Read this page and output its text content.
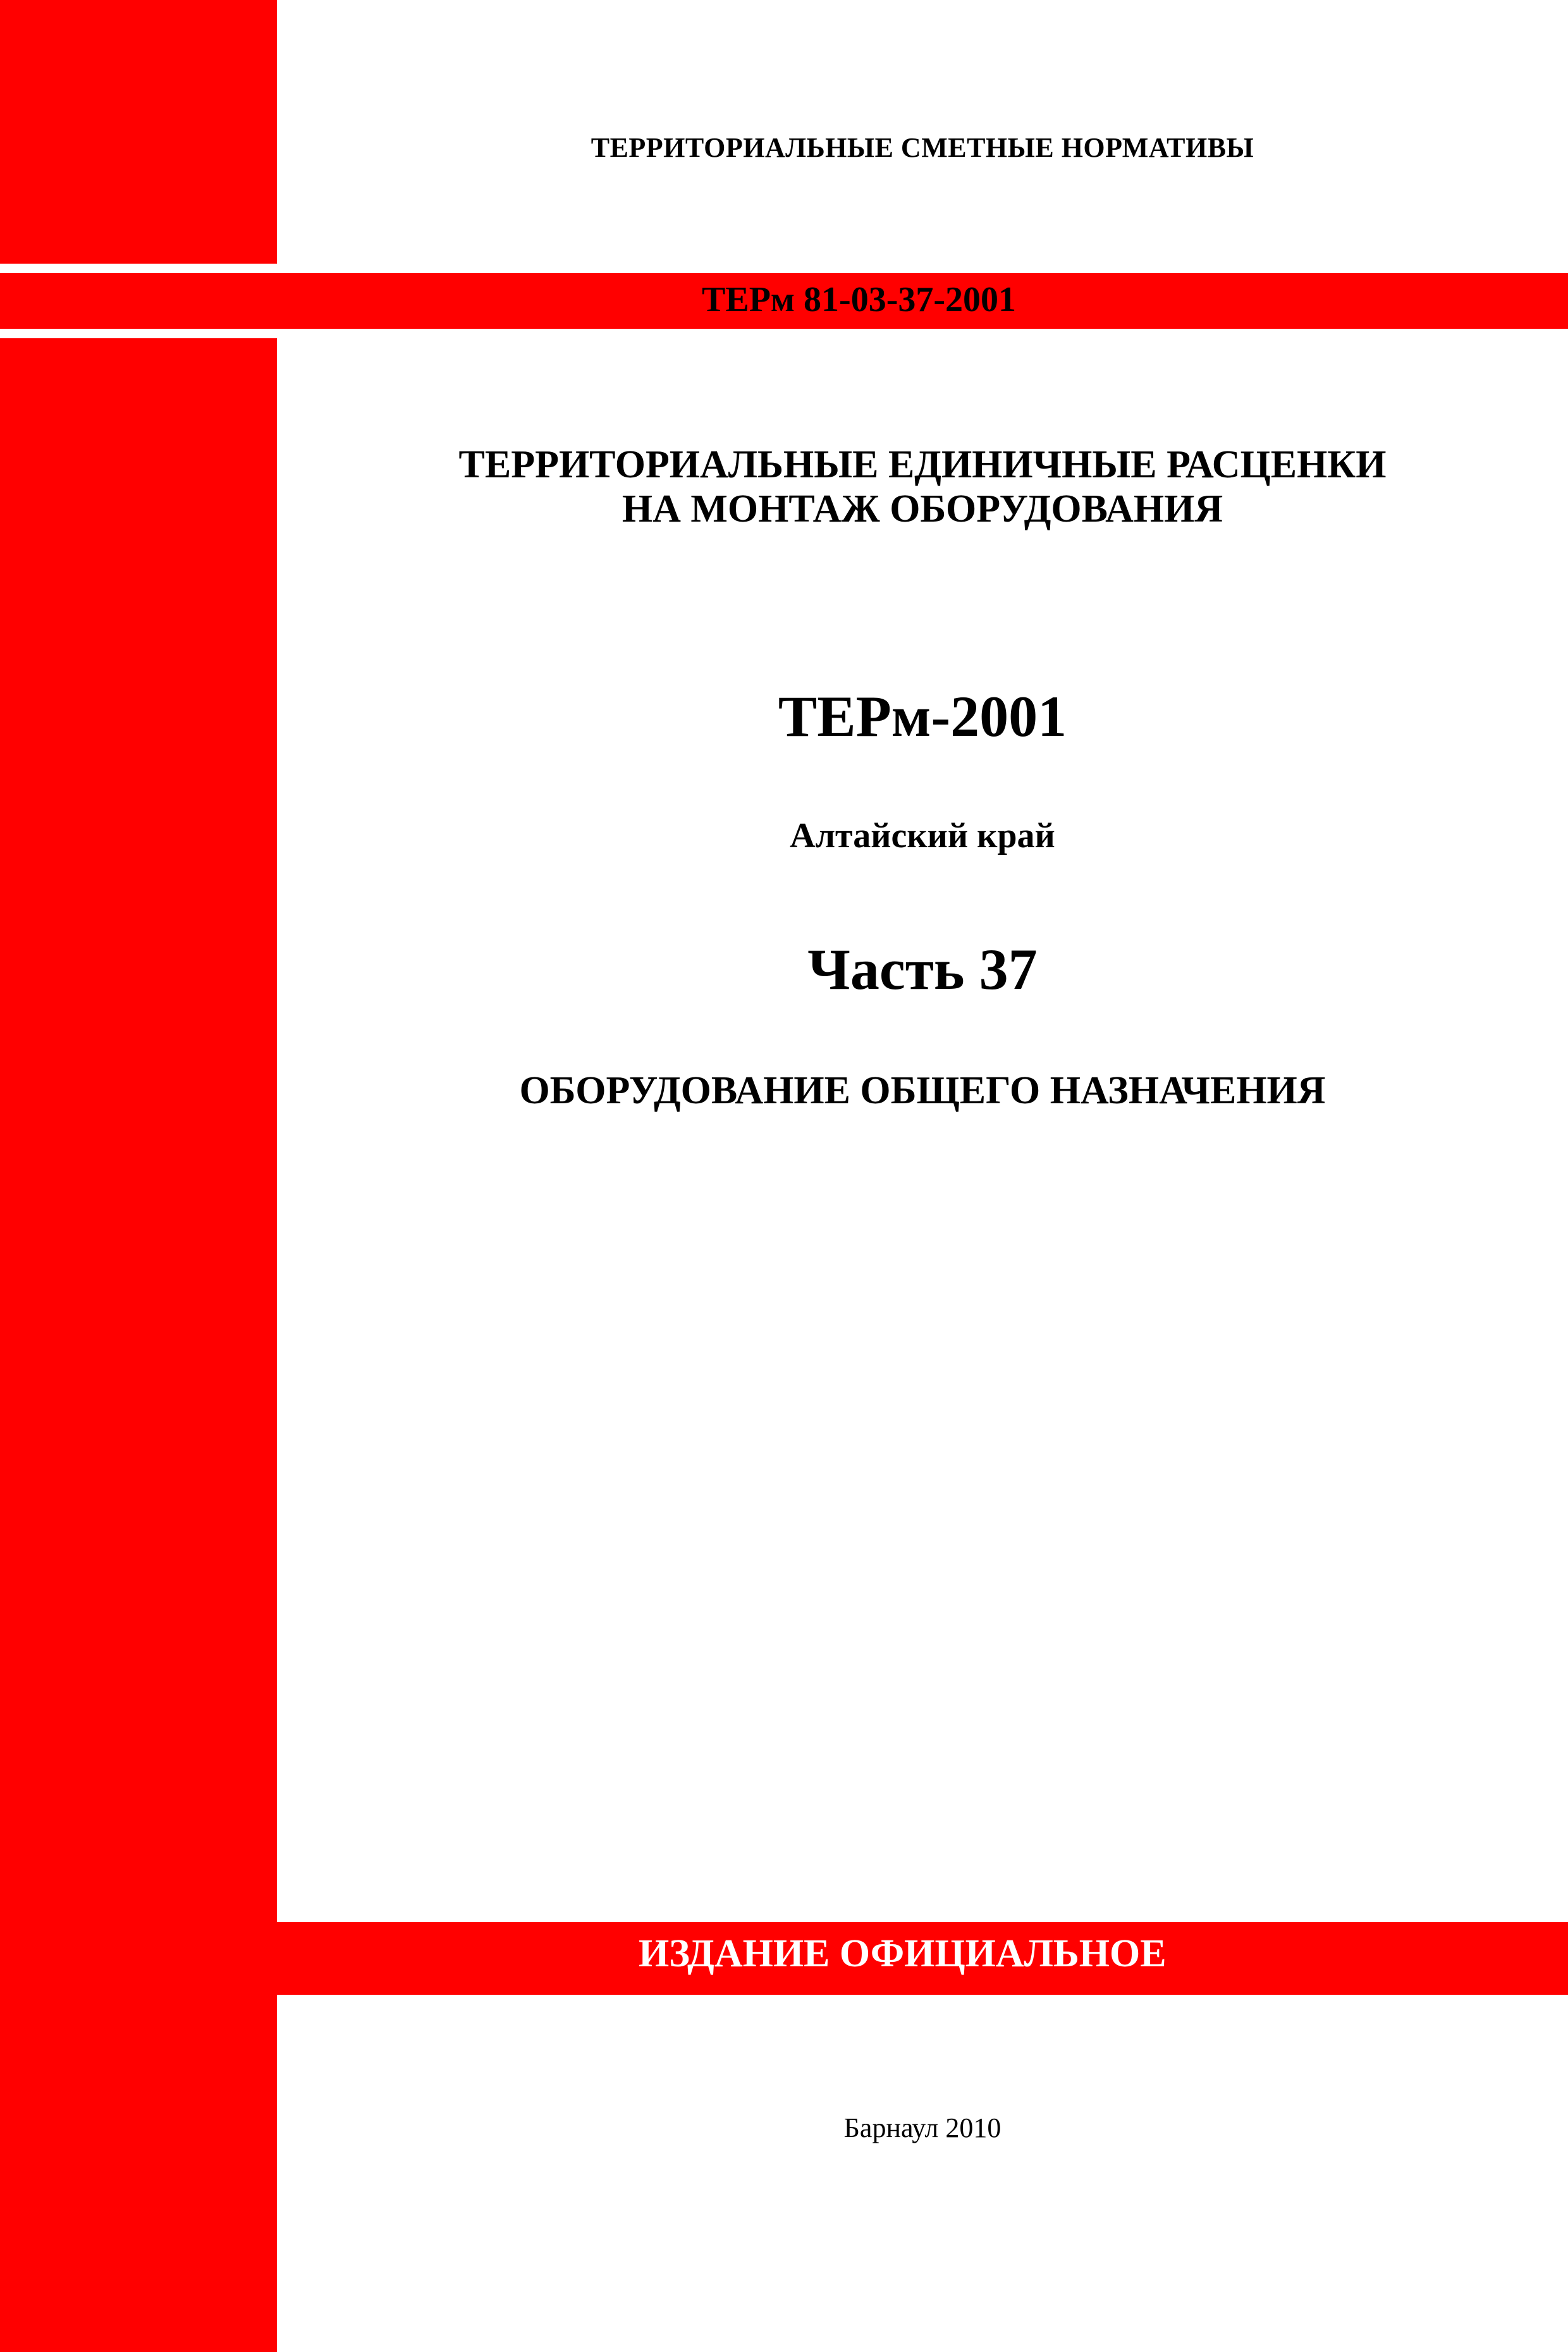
ТЕРРИТОРИАЛЬНЫЕ СМЕТНЫЕ НОРМАТИВЫ

ТЕРм 81-03-37-2001

ТЕРРИТОРИАЛЬНЫЕ ЕДИНИЧНЫЕ РАСЦЕНКИ

НА МОНТАЖ ОБОРУДОВАНИЯ

ТЕРм-2001

Алтайский край

Часть 37

ОБОРУДОВАНИЕ ОБЩЕГО НАЗНАЧЕНИЯ

ИЗДАНИЕ ОФИЦИАЛЬНОЕ

Барнаул 2010
